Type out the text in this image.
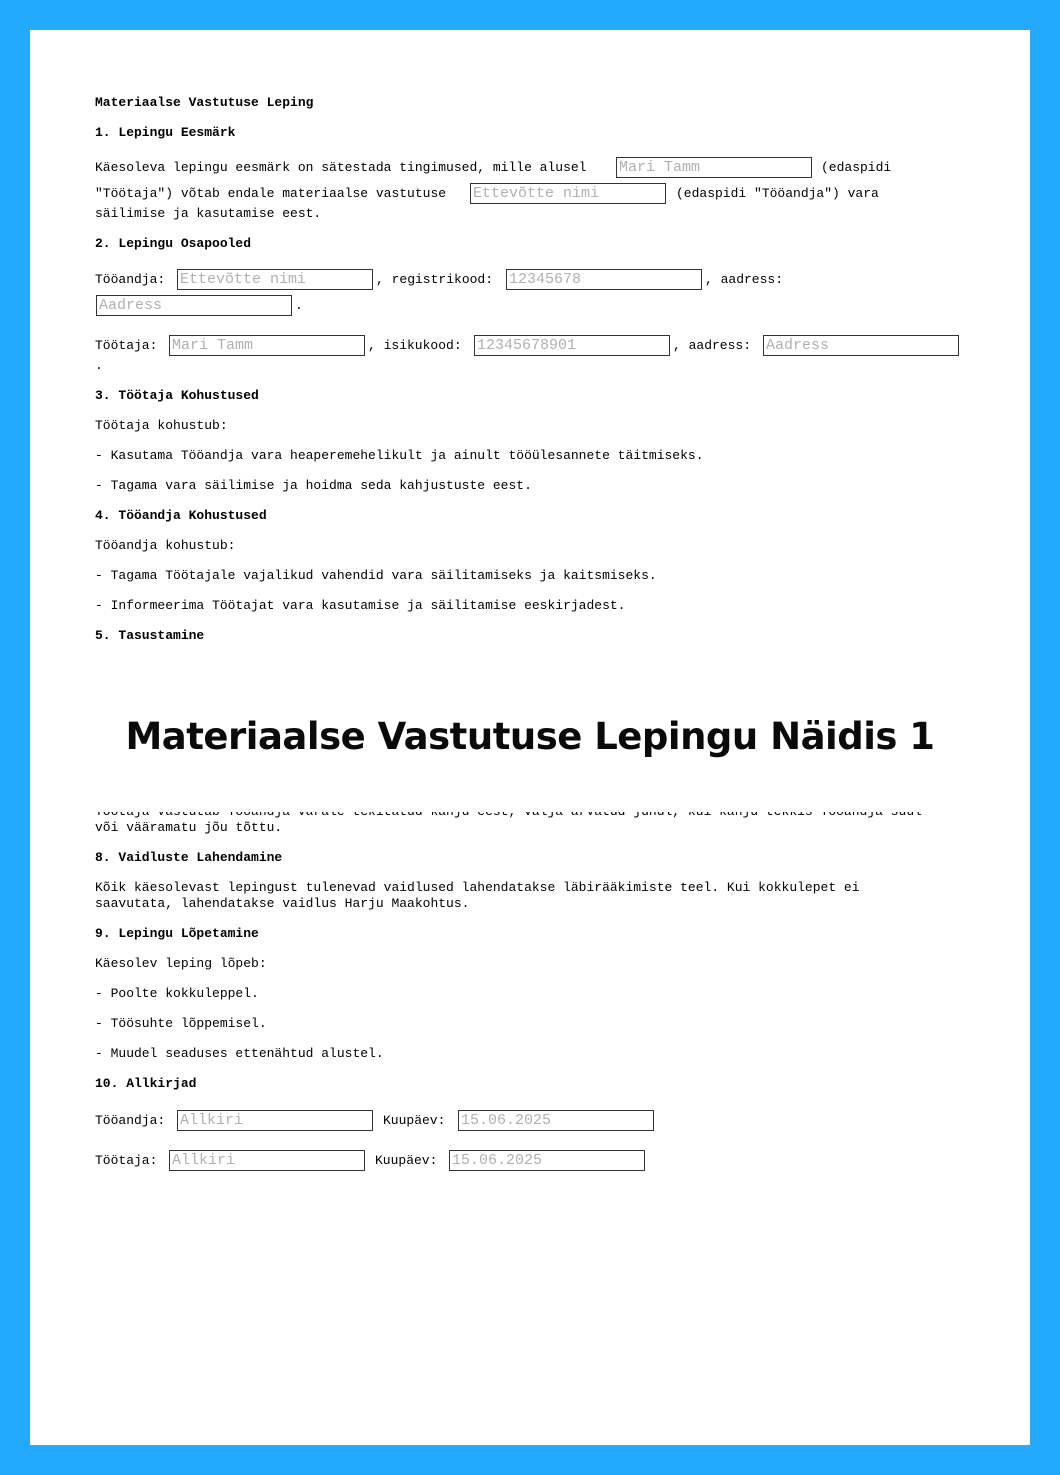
Materiaalse Vastutuse Leping
1. Lepingu Eesmärk
Käesoleva lepingu eesmärk on sätestada tingimused, mille alusel Mari Tamm	(edaspidi
"Töötaja") võtab endale materiaalse vastutuse Ettevõtte nimi	(edaspidi "Tööandja") vara
säilimise ja kasutamise eest.
2. Lepingu Osapooled
Tööandja: Ettevõtte nimi	, registrikood: 12345678	, aadress:
Aadress	.
Töötaja: Mari Tamm	, isikukood: 12345678901	, aadress: Aadress
.
3. Töötaja Kohustused
Töötaja kohustub:
- Kasutama Tööandja vara heaperemehelikult ja ainult tööülesannete täitmiseks.
- Tagama vara säilimise ja hoidma seda kahjustuste eest.
4. Tööandja Kohustused
Tööandja kohustub:
- Tagama Töötajale vajalikud vahendid vara säilitamiseks ja kaitsmiseks.
- Informeerima Töötajat vara kasutamise ja säilitamise eeskirjadest.
5. Tasustamine
või vääramatu jõu tõttu.
8. Vaidluste Lahendamine
Kõik käesolevast lepingust tulenevad vaidlused lahendatakse läbirääkimiste teel. Kui kokkulepet ei
saavutata, lahendatakse vaidlus Harju Maakohtus.
9. Lepingu Lõpetamine
Käesolev leping lõpeb:
- Poolte kokkuleppel.
- Töösuhte lõppemisel.
- Muudel seaduses ettenähtud alustel.
10. Allkirjad
Tööandja: Allkiri	Kuupäev: 15.06.2025
Töötaja: Allkiri	Kuupäev: 15.06.2025
Materiaalse Vastutuse Lepingu Näidis 1
